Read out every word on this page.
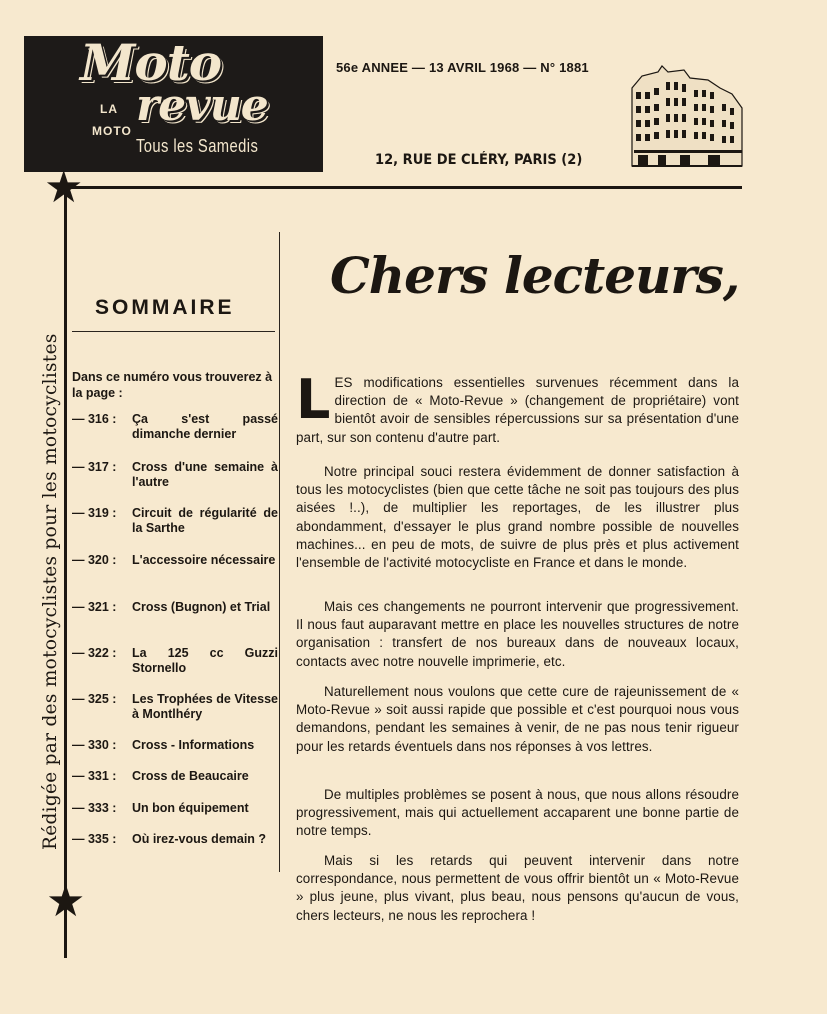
Moto
LA
MOTO revue
Tous les Samedis
56e ANNEE — 13 AVRIL 1968 — N° 1881
12, RUE DE CLÉRY, PARIS (2)
★
★
Rédigée par des motocyclistes pour les motocyclistes
SOMMAIRE
Dans ce numéro vous trouverez à la page :
— 316 :	Ça s'est passé dimanche dernier
— 317 :	Cross d'une semaine à l'autre
— 319 :	Circuit de régularité de la Sarthe
— 320 :	L'accessoire nécessaire
— 321 :	Cross (Bugnon) et Trial
— 322 :	La 125 cc Guzzi Stornello
— 325 :	Les Trophées de Vitesse à Montlhéry
— 330 :	Cross - Informations
— 331 :	Cross de Beaucaire
— 333 :	Un bon équipement
— 335 :	Où irez-vous demain ?
Chers lecteurs,

LES modifications essentielles survenues récemment dans la direction de « Moto-Revue » (changement de propriétaire) vont bientôt avoir de sensibles répercussions sur sa présentation d'une part, sur son contenu d'autre part.

Notre principal souci restera évidemment de donner satisfaction à tous les motocyclistes (bien que cette tâche ne soit pas toujours des plus aisées !..), de multiplier les reportages, de les illustrer plus abondamment, d'essayer le plus grand nombre possible de nouvelles machines... en peu de mots, de suivre de plus près et plus activement l'ensemble de l'activité motocycliste en France et dans le monde.

Mais ces changements ne pourront intervenir que progressivement. Il nous faut auparavant mettre en place les nouvelles structures de notre organisation : transfert de nos bureaux dans de nouveaux locaux, contacts avec notre nouvelle imprimerie, etc.

Naturellement nous voulons que cette cure de rajeunissement de « Moto-Revue » soit aussi rapide que possible et c'est pourquoi nous vous demandons, pendant les semaines à venir, de ne pas nous tenir rigueur pour les retards éventuels dans nos réponses à vos lettres.

De multiples problèmes se posent à nous, que nous allons résoudre progressivement, mais qui actuellement accaparent une bonne partie de notre temps.

Mais si les retards qui peuvent intervenir dans notre correspondance, nous permettent de vous offrir bientôt un « Moto-Revue » plus jeune, plus vivant, plus beau, nous pensons qu'aucun de vous, chers lecteurs, ne nous les reprochera !
